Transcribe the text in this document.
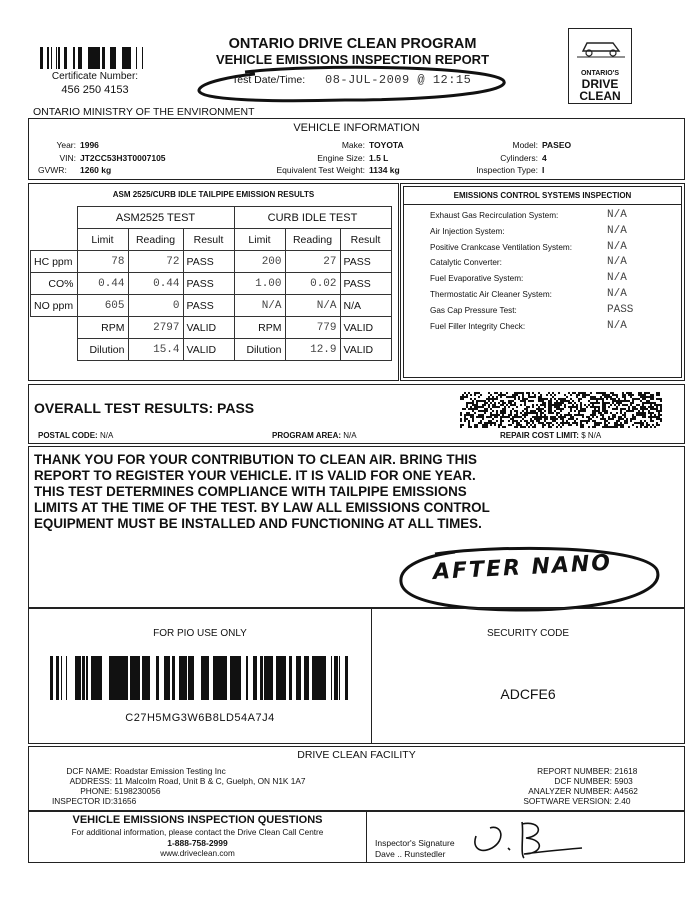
Certificate Number:
456 250 4153
ONTARIO DRIVE CLEAN PROGRAM
VEHICLE EMISSIONS INSPECTION REPORT
Test Date/Time: 08-JUL-2009 @ 12:15	ONTARIO'S
DRIVE
CLEAN
ONTARIO MINISTRY OF THE ENVIRONMENT
VEHICLE INFORMATION
Year: 1996
VIN: JT2CC53H3T0007105
GVWR: 1260 kg
Make: TOYOTA
Engine Size: 1.5 L
Equivalent Test Weight: 1134 kg
Model: PASEO
Cylinders: 4
Inspection Type: I
ASM 2525/CURB IDLE TAILPIPE EMISSION RESULTS
	ASM2525 TEST			CURB IDLE TEST		
	Limit	Reading	Result	Limit	Reading	Result
HC ppm	78	72	PASS	200	27	PASS
CO%	0.44	0.44	PASS	1.00	0.02	PASS
NO ppm	605	0	PASS	N/A	N/A	N/A
	RPM	2797	VALID	RPM	779	VALID
	Dilution	15.4	VALID	Dilution	12.9	VALID
EMISSIONS CONTROL SYSTEMS INSPECTION
Exhaust Gas Recirculation System:	N/A
Air Injection System:	N/A
Positive Crankcase Ventilation System:	N/A
Catalytic Converter:	N/A
Fuel Evaporative System:	N/A
Thermostatic Air Cleaner System:	N/A
Gas Cap Pressure Test:	PASS
Fuel Filler Integrity Check:	N/A
OVERALL TEST RESULTS: PASS
POSTAL CODE: N/A	PROGRAM AREA: N/A	REPAIR COST LIMIT: $ N/A
THANK YOU FOR YOUR CONTRIBUTION TO CLEAN AIR. BRING THIS
REPORT TO REGISTER YOUR VEHICLE. IT IS VALID FOR ONE YEAR.
THIS TEST DETERMINES COMPLIANCE WITH TAILPIPE EMISSIONS
LIMITS AT THE TIME OF THE TEST. BY LAW ALL EMISSIONS CONTROL
EQUIPMENT MUST BE INSTALLED AND FUNCTIONING AT ALL TIMES.
AFTER NANO
FOR PIO USE ONLY
C27H5MG3W6B8LD54A7J4
SECURITY CODE
ADCFE6
DRIVE CLEAN FACILITY
DCF NAME: Roadstar Emission Testing Inc
ADDRESS: 11 Malcolm Road, Unit B & C, Guelph, ON N1K 1A7
PHONE: 5198230056
INSPECTOR ID:31656
REPORT NUMBER: 21618
DCF NUMBER: 5903
ANALYZER NUMBER: A4562
SOFTWARE VERSION: 2.40
VEHICLE EMISSIONS INSPECTION QUESTIONS
For additional information, please contact the Drive Clean Call Centre
1-888-758-2999
www.driveclean.com
Inspector's Signature
Dave .. Runstedler
